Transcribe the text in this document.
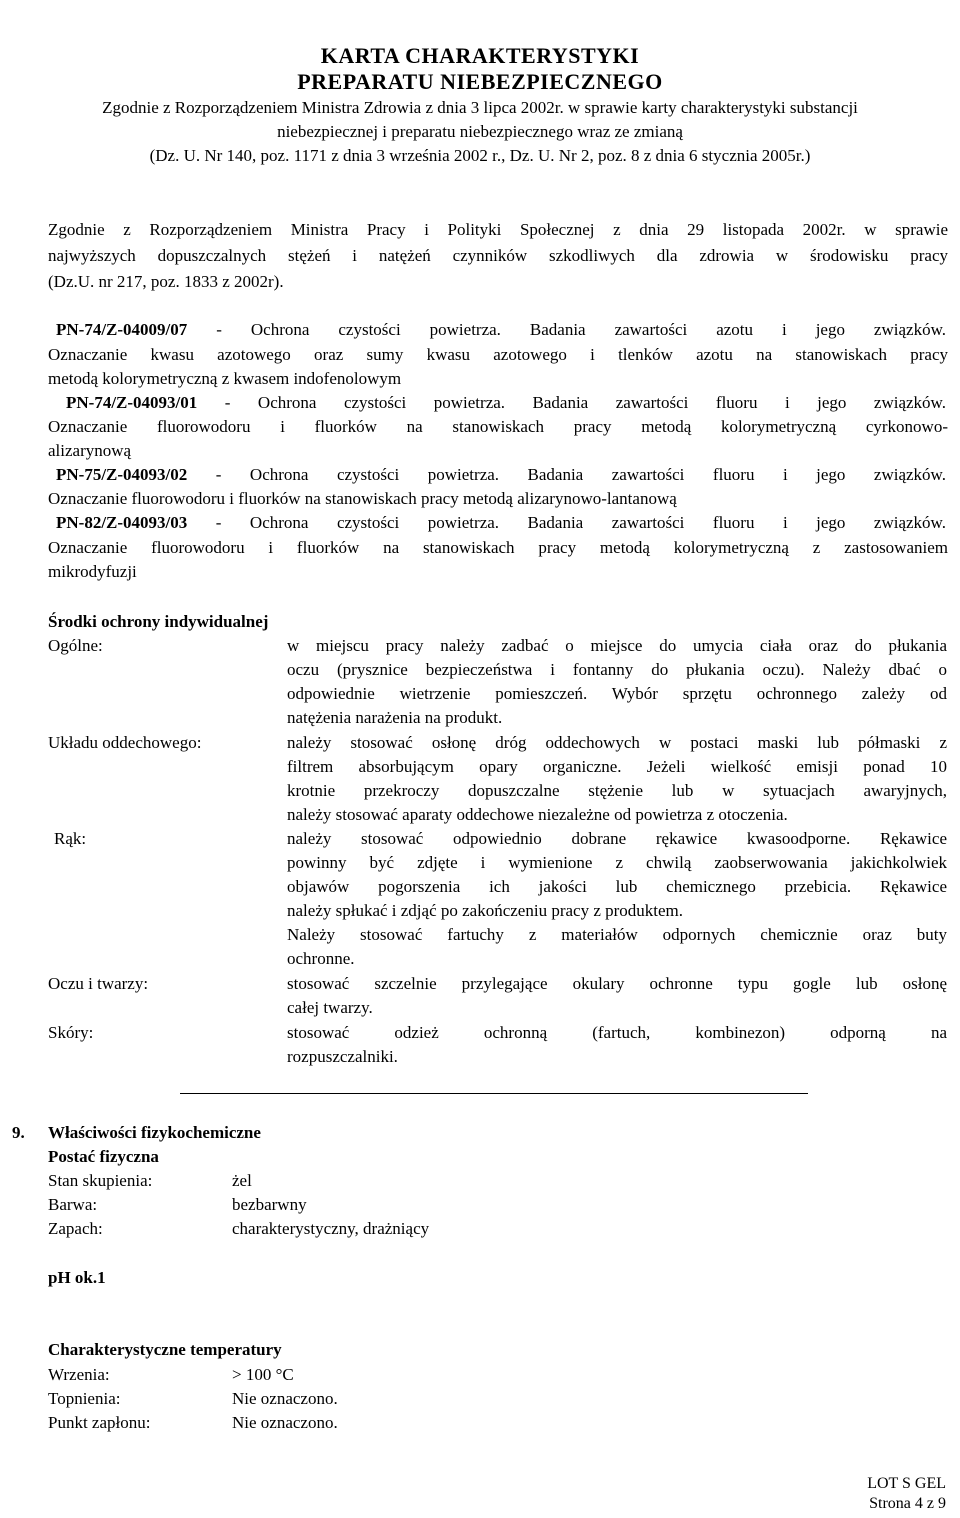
KARTA CHARAKTERYSTYKI
PREPARATU NIEBEZPIECZNEGO
Zgodnie z Rozporządzeniem Ministra Zdrowia z dnia 3 lipca 2002r. w sprawie karty charakterystyki substancji
niebezpiecznej i preparatu niebezpiecznego wraz ze zmianą
(Dz. U. Nr 140, poz. 1171 z dnia 3 września 2002 r., Dz. U. Nr 2, poz. 8 z dnia 6 stycznia 2005r.)
Zgodnie z Rozporządzeniem Ministra Pracy i Polityki Społecznej z dnia 29 listopada 2002r. w sprawie
najwyższych dopuszczalnych stężeń i natężeń czynników szkodliwych dla zdrowia w środowisku pracy
(Dz.U. nr 217, poz. 1833 z 2002r).
PN-74/Z-04009/07 - Ochrona czystości powietrza. Badania zawartości azotu i jego związków.
Oznaczanie kwasu azotowego oraz sumy kwasu azotowego i tlenków azotu na stanowiskach pracy
metodą kolorymetryczną z kwasem indofenolowym
PN-74/Z-04093/01 - Ochrona czystości powietrza. Badania zawartości fluoru i jego związków.
Oznaczanie fluorowodoru i fluorków na stanowiskach pracy metodą kolorymetryczną cyrkonowo-
alizarynową
PN-75/Z-04093/02 - Ochrona czystości powietrza. Badania zawartości fluoru i jego związków.
Oznaczanie fluorowodoru i fluorków na stanowiskach pracy metodą alizarynowo-lantanową
PN-82/Z-04093/03 - Ochrona czystości powietrza. Badania zawartości fluoru i jego związków.
Oznaczanie fluorowodoru i fluorków na stanowiskach pracy metodą kolorymetryczną z zastosowaniem
mikrodyfuzji
Środki ochrony indywidualnej
Ogólne:	w miejscu pracy należy zadbać o miejsce do umycia ciała oraz do płukania
oczu (prysznice bezpieczeństwa i fontanny do płukania oczu). Należy dbać o
odpowiednie wietrzenie pomieszczeń. Wybór sprzętu ochronnego zależy od
natężenia narażenia na produkt.
Układu oddechowego:	należy stosować osłonę dróg oddechowych w postaci maski lub półmaski z
filtrem absorbującym opary organiczne. Jeżeli wielkość emisji ponad 10
krotnie przekroczy dopuszczalne stężenie lub w sytuacjach awaryjnych,
należy stosować aparaty oddechowe niezależne od powietrza z otoczenia.
Rąk:	należy stosować odpowiednio dobrane rękawice kwasoodporne. Rękawice
powinny być zdjęte i wymienione z chwilą zaobserwowania jakichkolwiek
objawów pogorszenia ich jakości lub chemicznego przebicia. Rękawice
należy spłukać i zdjąć po zakończeniu pracy z produktem.
Należy stosować fartuchy z materiałów odpornych chemicznie oraz buty
ochronne.
Oczu i twarzy:	stosować szczelnie przylegające okulary ochronne typu gogle lub osłonę
całej twarzy.
Skóry:	stosować odzież ochronną (fartuch, kombinezon) odporną na
rozpuszczalniki.
9. Właściwości fizykochemiczne
Postać fizyczna
Stan skupienia:	żel
Barwa:	bezbarwny
Zapach:	charakterystyczny, drażniący
pH ok.1
Charakterystyczne temperatury
Wrzenia:	> 100 °C
Topnienia:	Nie oznaczono.
Punkt zapłonu:	Nie oznaczono.
LOT S GEL
Strona 4 z 9
